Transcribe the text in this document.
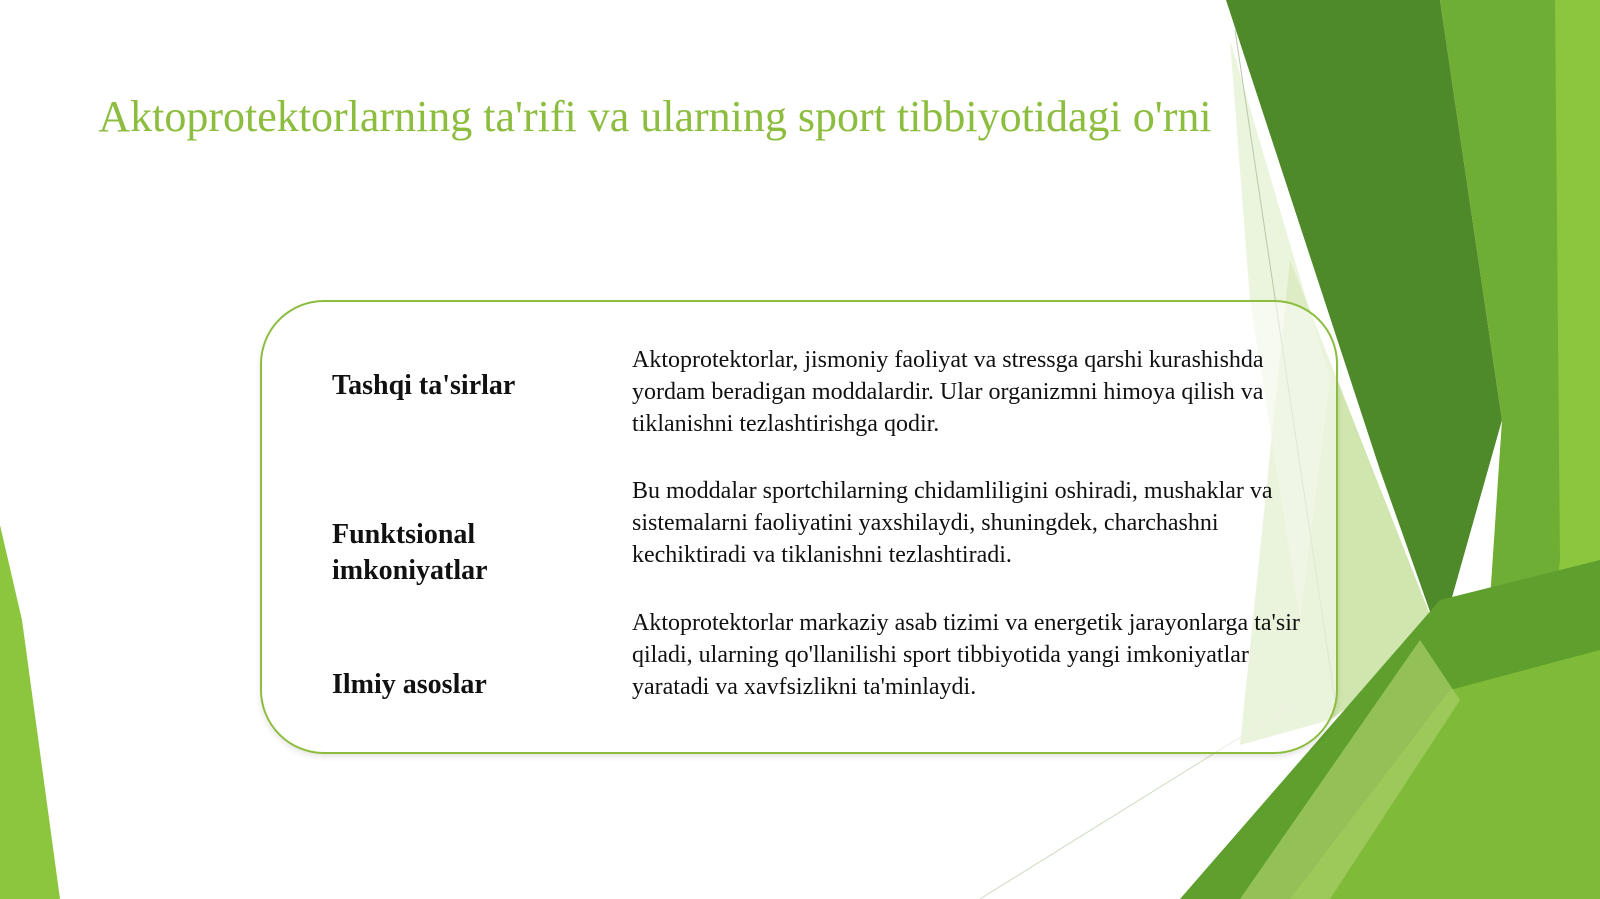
Aktoprotektorlarning ta'rifi va ularning sport tibbiyotidagi o'rni
Tashqi ta'sirlar
Aktoprotektorlar, jismoniy faoliyat va stressga qarshi kurashishda yordam beradigan moddalardir. Ular organizmni himoya qilish va tiklanishni tezlashtirishga qodir.
Funktsional imkoniyatlar
Bu moddalar sportchilarning chidamliligini oshiradi, mushaklar va sistemalarni faoliyatini yaxshilaydi, shuningdek, charchashni kechiktiradi va tiklanishni tezlashtiradi.
Ilmiy asoslar
Aktoprotektorlar markaziy asab tizimi va energetik jarayonlarga ta'sir qiladi, ularning qo'llanilishi sport tibbiyotida yangi imkoniyatlar yaratadi va xavfsizlikni ta'minlaydi.
